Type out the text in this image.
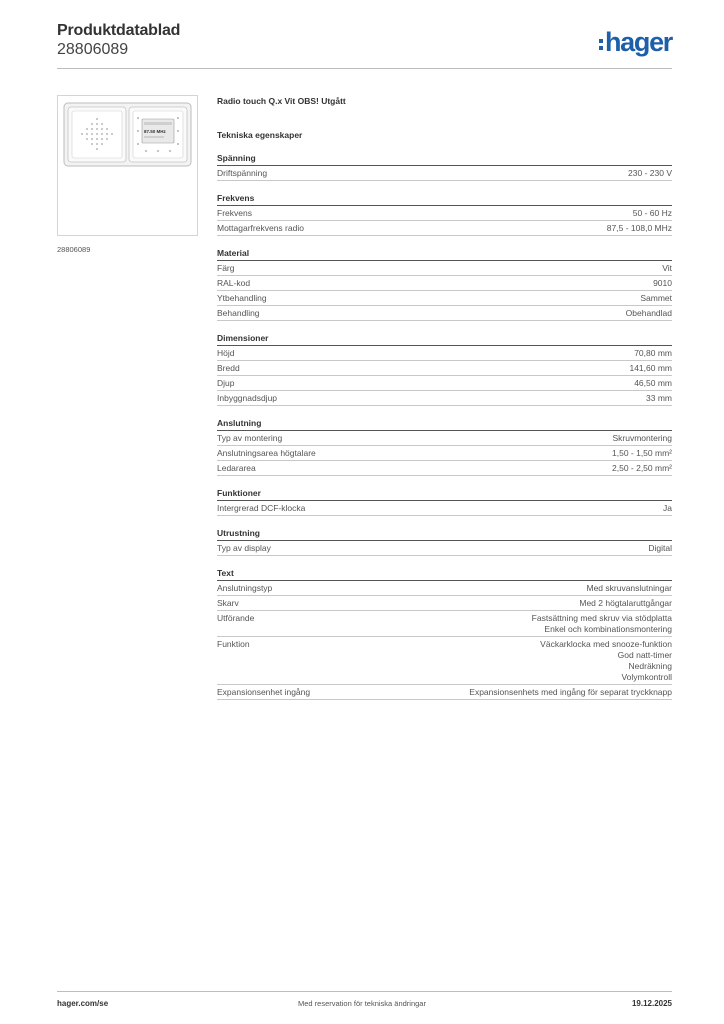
Produktdatablad
28806089	hager
87.50 MHz
28806089
Radio touch Q.x Vit OBS! Utgått
Tekniska egenskaper
Spänning
Driftspänning	230 - 230 V
Frekvens
Frekvens	50 - 60 Hz
Mottagarfrekvens radio	87,5 - 108,0 MHz
Material
Färg	Vit
RAL-kod	9010
Ytbehandling	Sammet
Behandling	Obehandlad
Dimensioner
Höjd	70,80 mm
Bredd	141,60 mm
Djup	46,50 mm
Inbyggnadsdjup	33 mm
Anslutning
Typ av montering	Skruvmontering
Anslutningsarea högtalare	1,50 - 1,50 mm²
Ledararea	2,50 - 2,50 mm²
Funktioner
Intergrerad DCF-klocka	Ja
Utrustning
Typ av display	Digital
Text
Anslutningstyp	Med skruvanslutningar
Skarv	Med 2 högtalaruttgångar
Utförande	Fastsättning med skruv via stödplatta
Enkel och kombinationsmontering
Funktion	Väckarklocka med snooze-funktion
God natt-timer
Nedräkning
Volymkontroll
Expansionsenhet ingång	Expansionsenhets med ingång för separat tryckknapp
hager.com/se	Med reservation för tekniska ändringar	19.12.2025
